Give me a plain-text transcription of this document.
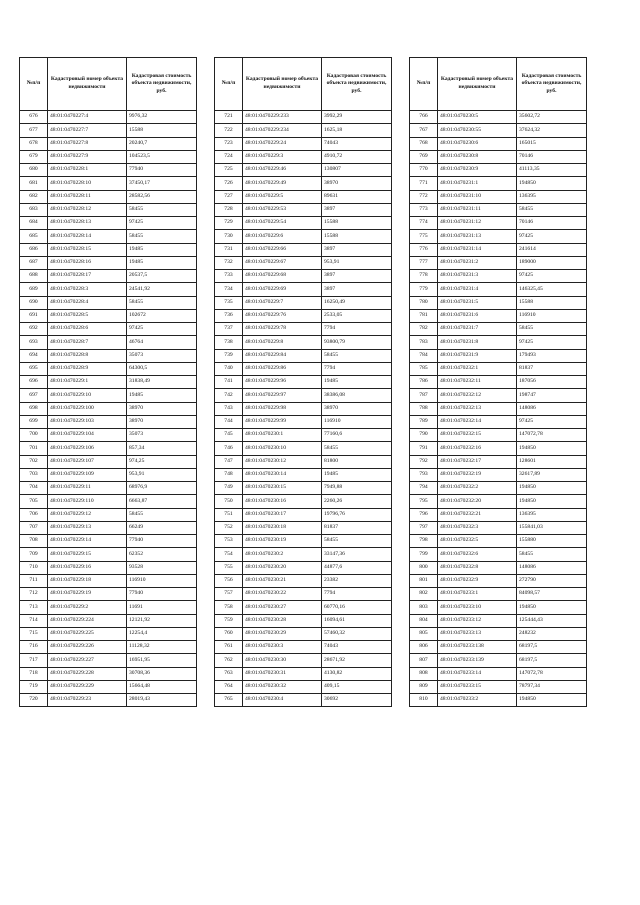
№п/п	Кадастровый номер объекта недвижимости	Кадастровая стоимость объекта недвижимости, руб.
676	48:01:0470227:4	9976,32
677	48:01:0470227:7	15588
678	48:01:0470227:8	20240,7
679	48:01:0470227:9	104523,5
680	48:01:0470228:1	77940
681	48:01:0470228:10	37450,17
682	48:01:0470228:11	28582,56
683	48:01:0470228:12	58455
684	48:01:0470228:13	97425
685	48:01:0470228:14	58455
686	48:01:0470228:15	19485
687	48:01:0470228:16	19485
688	48:01:0470228:17	20537,5
689	48:01:0470228:3	24541,92
690	48:01:0470228:4	58455
691	48:01:0470228:5	102672
692	48:01:0470228:6	97425
693	48:01:0470228:7	46764
694	48:01:0470228:8	35073
695	48:01:0470228:9	64300,5
696	48:01:0470229:1	31838,49
697	48:01:0470229:10	19485
698	48:01:0470229:100	38970
699	48:01:0470229:103	38970
700	48:01:0470229:104	35073
701	48:01:0470229:106	857,34
702	48:01:0470229:107	974,25
703	48:01:0470229:109	953,91
704	48:01:0470229:11	68976,9
705	48:01:0470229:110	6663,87
706	48:01:0470229:12	58455
707	48:01:0470229:13	66249
708	48:01:0470229:14	77940
709	48:01:0470229:15	62352
710	48:01:0470229:16	93528
711	48:01:0470229:18	116910
712	48:01:0470229:19	77940
713	48:01:0470229:2	11691
714	48:01:0470229:224	12121,92
715	48:01:0470229:225	12254,4
716	48:01:0470229:226	11128,32
717	48:01:0470229:227	16951,95
718	48:01:0470229:228	30708,36
719	48:01:0470229:229	15664,48
720	48:01:0470229:23	28019,43
№п/п	Кадастровый номер объекта недвижимости	Кадастровая стоимость объекта недвижимости, руб.
721	48:01:0470229:233	3992,29
722	48:01:0470229:234	1625,18
723	48:01:0470229:24	74043
724	48:01:0470229:3	4910,72
725	48:01:0470229:46	130807
726	48:01:0470229:49	38970
727	48:01:0470229:5	89631
728	48:01:0470229:53	3897
729	48:01:0470229:54	15588
730	48:01:0470229:6	15588
731	48:01:0470229:66	3897
732	48:01:0470229:67	953,91
733	48:01:0470229:68	3897
734	48:01:0470229:69	3897
735	48:01:0470229:7	16250,49
736	48:01:0470229:76	2533,05
737	48:01:0470229:78	7794
738	48:01:0470229:8	93800,79
739	48:01:0470229:84	58455
740	48:01:0470229:86	7794
741	48:01:0470229:96	19485
742	48:01:0470229:97	38386,08
743	48:01:0470229:98	38970
744	48:01:0470229:99	116910
745	48:01:0470230:1	77160,6
746	48:01:0470230:10	58455
747	48:01:0470230:12	81800
748	48:01:0470230:14	19485
749	48:01:0470230:15	7949,88
750	48:01:0470230:16	2260,26
751	48:01:0470230:17	19796,76
752	48:01:0470230:18	81837
753	48:01:0470230:19	58455
754	48:01:0470230:2	33147,36
755	48:01:0470230:20	44877,6
756	48:01:0470230:21	23382
757	48:01:0470230:22	7794
758	48:01:0470230:27	60770,16
759	48:01:0470230:28	16094,61
760	48:01:0470230:29	57460,32
761	48:01:0470230:3	74043
762	48:01:0470230:30	28671,92
763	48:01:0470230:31	4130,82
764	48:01:0470230:32	409,15
765	48:01:0470230:4	30692
№п/п	Кадастровый номер объекта недвижимости	Кадастровая стоимость объекта недвижимости, руб.
766	48:01:0470230:5	35602,72
767	48:01:0470230:55	37624,32
768	48:01:0470230:6	165015
769	48:01:0470230:8	70146
770	48:01:0470230:9	41113,35
771	48:01:0470231:1	194850
772	48:01:0470231:10	136395
773	48:01:0470231:11	58455
774	48:01:0470231:12	70146
775	48:01:0470231:13	97425
776	48:01:0470231:14	241614
777	48:01:0470231:2	189000
778	48:01:0470231:3	97425
779	48:01:0470231:4	146325,45
780	48:01:0470231:5	15588
781	48:01:0470231:6	116910
782	48:01:0470231:7	58455
783	48:01:0470231:8	97425
784	48:01:0470231:9	179493
785	48:01:0470232:1	81837
786	48:01:0470232:11	187056
787	48:01:0470232:12	198747
788	48:01:0470232:13	148086
789	48:01:0470232:14	97425
790	48:01:0470232:15	147072,78
791	48:01:0470232:16	194850
792	48:01:0470232:17	128601
793	48:01:0470232:19	32617,89
794	48:01:0470232:2	194850
795	48:01:0470232:20	194850
796	48:01:0470232:21	136395
797	48:01:0470232:3	155841,03
798	48:01:0470232:5	155880
799	48:01:0470232:6	58455
800	48:01:0470232:8	148086
801	48:01:0470232:9	272790
802	48:01:0470233:1	84098,57
803	48:01:0470233:10	194850
804	48:01:0470233:12	125444,43
805	48:01:0470233:13	248232
806	48:01:0470233:138	68197,5
807	48:01:0470233:139	68197,5
808	48:01:0470233:14	147072,78
809	48:01:0470233:15	78797,34
810	48:01:0470233:2	194850
